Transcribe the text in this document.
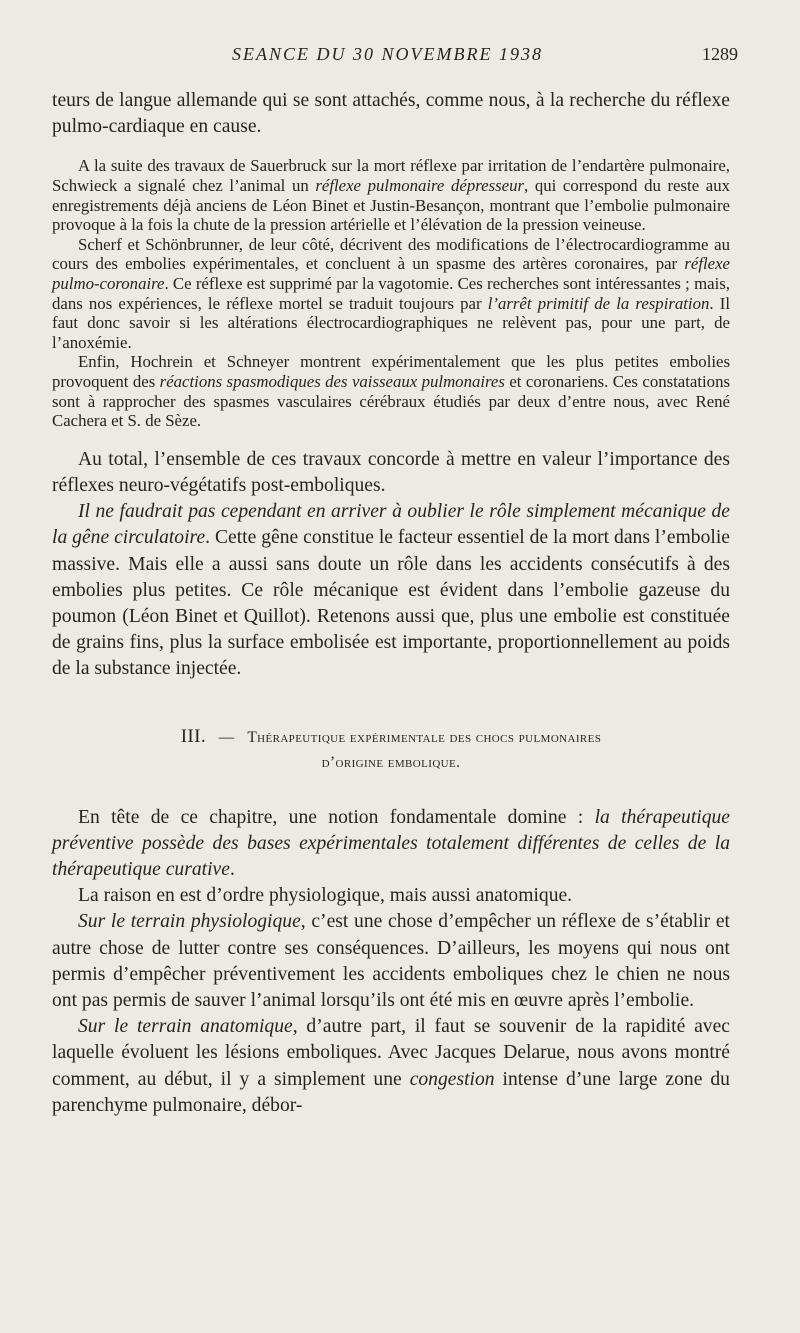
SEANCE DU 30 NOVEMBRE 1938	1289

teurs de langue allemande qui se sont attachés, comme nous, à la recherche du réflexe pulmo-cardiaque en cause.

A la suite des travaux de Sauerbruck sur la mort réflexe par irritation de l’endartère pulmonaire, Schwieck a signalé chez l’animal un réflexe pulmonaire dépresseur, qui correspond du reste aux enregistrements déjà anciens de Léon Binet et Justin-Besançon, montrant que l’embolie pulmonaire provoque à la fois la chute de la pression artérielle et l’élévation de la pression veineuse.

Scherf et Schönbrunner, de leur côté, décrivent des modifications de l’électrocardiogramme au cours des embolies expérimentales, et concluent à un spasme des artères coronaires, par réflexe pulmo-coronaire. Ce réflexe est supprimé par la vagotomie. Ces recherches sont intéressantes ; mais, dans nos expériences, le réflexe mortel se traduit toujours par l’arrêt primitif de la respiration. Il faut donc savoir si les altérations électrocardiographiques ne relèvent pas, pour une part, de l’anoxémie.

Enfin, Hochrein et Schneyer montrent expérimentalement que les plus petites embolies provoquent des réactions spasmodiques des vaisseaux pulmonaires et coronariens. Ces constatations sont à rapprocher des spasmes vasculaires cérébraux étudiés par deux d’entre nous, avec René Cachera et S. de Sèze.

Au total, l’ensemble de ces travaux concorde à mettre en valeur l’importance des réflexes neuro-végétatifs post-emboliques.

Il ne faudrait pas cependant en arriver à oublier le rôle simplement mécanique de la gêne circulatoire. Cette gêne constitue le facteur essentiel de la mort dans l’embolie massive. Mais elle a aussi sans doute un rôle dans les accidents consécutifs à des embolies plus petites. Ce rôle mécanique est évident dans l’embolie gazeuse du poumon (Léon Binet et Quillot). Retenons aussi que, plus une embolie est constituée de grains fins, plus la surface embolisée est importante, proportionnellement au poids de la substance injectée.

III. — Thérapeutique expérimentale des chocs pulmonaires
d’origine embolique.

En tête de ce chapitre, une notion fondamentale domine : la thérapeutique préventive possède des bases expérimentales totalement différentes de celles de la thérapeutique curative.

La raison en est d’ordre physiologique, mais aussi anatomique.

Sur le terrain physiologique, c’est une chose d’empêcher un réflexe de s’établir et autre chose de lutter contre ses conséquences. D’ailleurs, les moyens qui nous ont permis d’empêcher préventivement les accidents emboliques chez le chien ne nous ont pas permis de sauver l’animal lorsqu’ils ont été mis en œuvre après l’embolie.

Sur le terrain anatomique, d’autre part, il faut se souvenir de la rapidité avec laquelle évoluent les lésions emboliques. Avec Jacques Delarue, nous avons montré comment, au début, il y a simplement une congestion intense d’une large zone du parenchyme pulmonaire, débor-
